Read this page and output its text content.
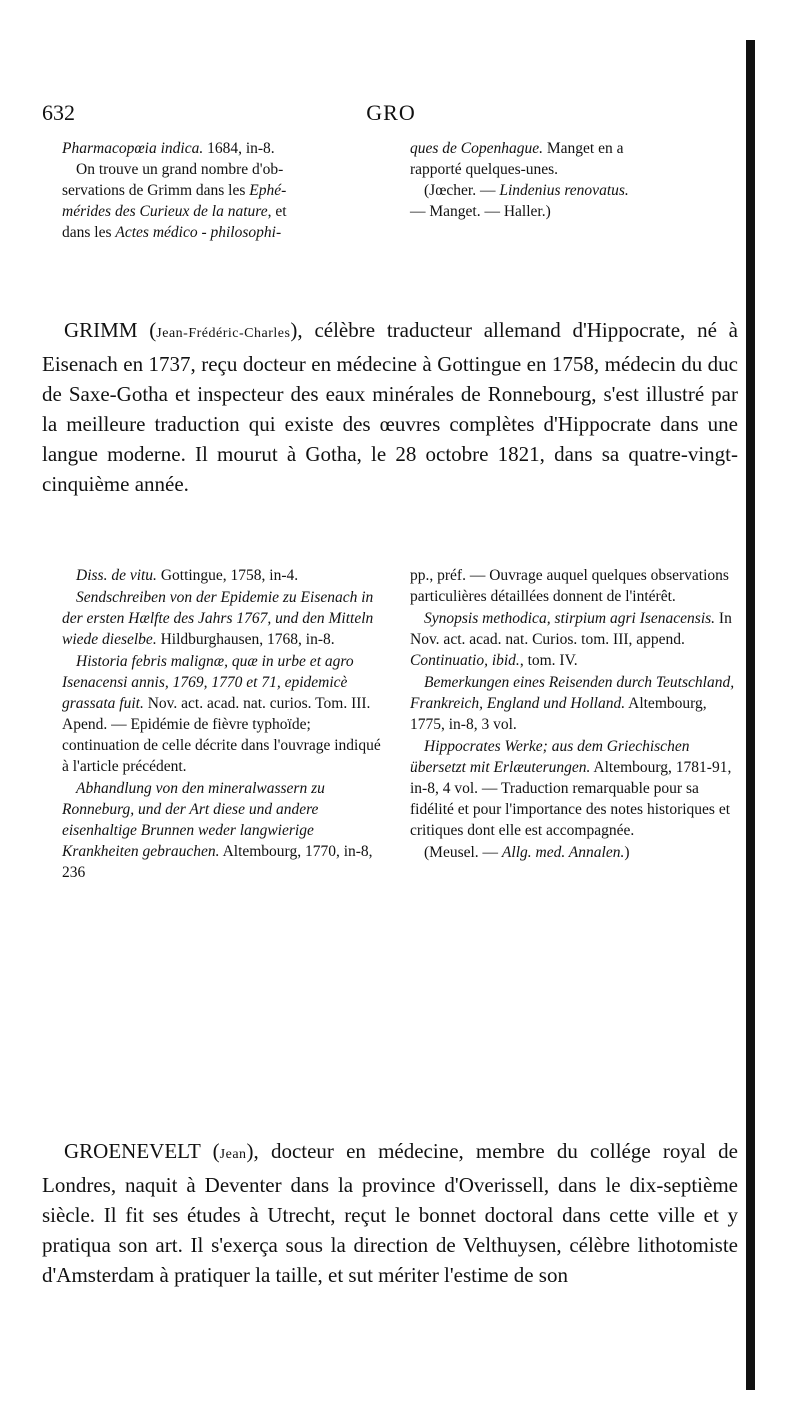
632	GRO

Pharmacopœia indica. 1684, in-8.

On trouve un grand nombre d'ob-

servations de Grimm dans les Ephé-

mérides des Curieux de la nature, et

dans les Actes médico - philosophi-

ques de Copenhague. Manget en a

rapporté quelques-unes.

(Jœcher. — Lindenius renovatus.

— Manget. — Haller.)

GRIMM (Jean-Frédéric-Charles), célèbre traducteur allemand d'Hippocrate, né à Eisenach en 1737, reçu docteur en médecine à Gottingue en 1758, médecin du duc de Saxe-Gotha et inspecteur des eaux minérales de Ronnebourg, s'est illustré par la meilleure traduction qui existe des œuvres complètes d'Hippocrate dans une langue moderne. Il mourut à Gotha, le 28 octobre 1821, dans sa quatre-vingt-cinquième année.

Diss. de vitu. Gottingue, 1758, in-4.

Sendschreiben von der Epidemie zu Eisenach in der ersten Hælfte des Jahrs 1767, und den Mitteln wiede dieselbe. Hildburghausen, 1768, in-8.

Historia febris malignæ, quæ in urbe et agro Isenacensi annis, 1769, 1770 et 71, epidemicè grassata fuit. Nov. act. acad. nat. curios. Tom. III. Apend. — Epidémie de fièvre typhoïde; continuation de celle décrite dans l'ouvrage indiqué à l'article précédent.

Abhandlung von den mineralwassern zu Ronneburg, und der Art diese und andere eisenhaltige Brunnen weder langwierige Krankheiten gebrauchen. Altembourg, 1770, in-8, 236

pp., préf. — Ouvrage auquel quelques observations particulières détaillées donnent de l'intérêt.

Synopsis methodica, stirpium agri Isenacensis. In Nov. act. acad. nat. Curios. tom. III, append. Continuatio, ibid., tom. IV.

Bemerkungen eines Reisenden durch Teutschland, Frankreich, England und Holland. Altembourg, 1775, in-8, 3 vol.

Hippocrates Werke; aus dem Griechischen übersetzt mit Erlæuterungen. Altembourg, 1781-91, in-8, 4 vol. — Traduction remarquable pour sa fidélité et pour l'importance des notes historiques et critiques dont elle est accompagnée.

(Meusel. — Allg. med. Annalen.)

GROENEVELT (Jean), docteur en médecine, membre du collége royal de Londres, naquit à Deventer dans la province d'Overissell, dans le dix-septième siècle. Il fit ses études à Utrecht, reçut le bonnet doctoral dans cette ville et y pratiqua son art. Il s'exerça sous la direction de Velthuysen, célèbre lithotomiste d'Amsterdam à pratiquer la taille, et sut mériter l'estime de son
